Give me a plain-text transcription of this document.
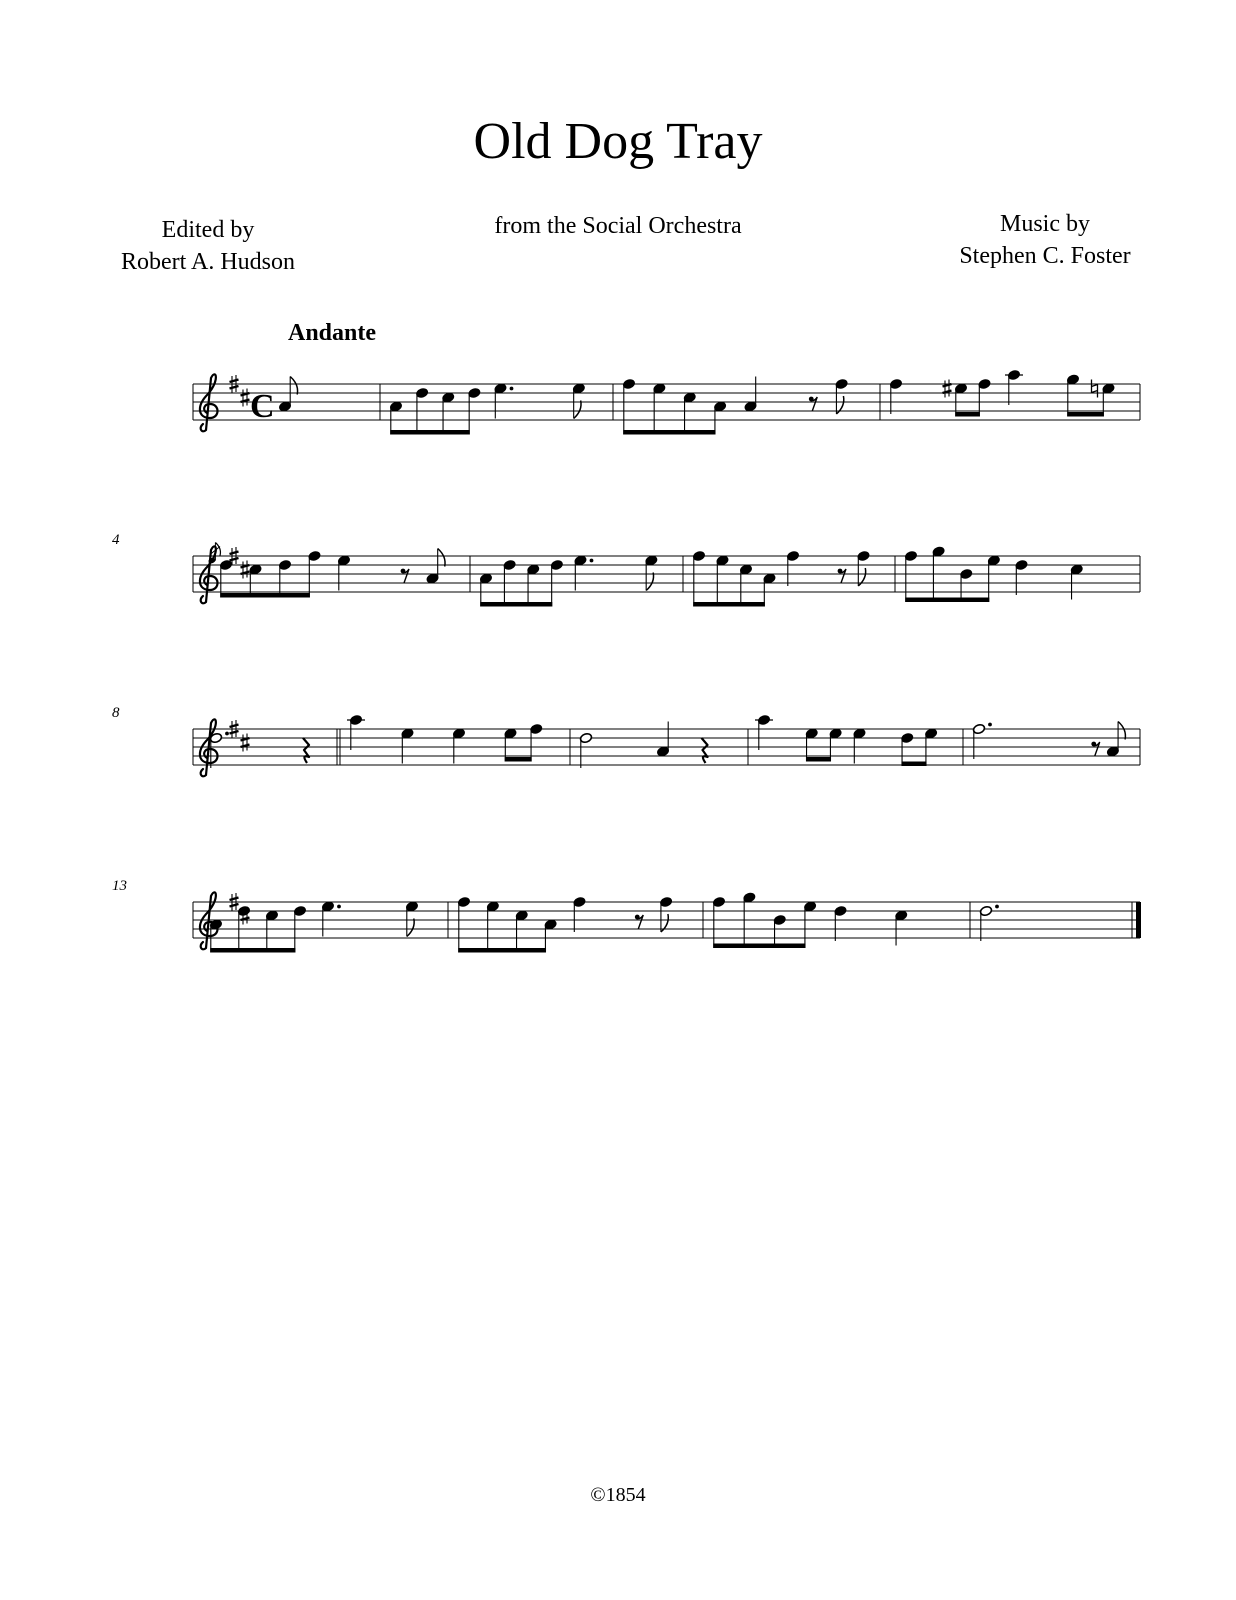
C
4
8
13
Old Dog Tray
from the Social Orchestra
Edited by
Robert A. Hudson
Music by
Stephen C. Foster
Andante
©1854
